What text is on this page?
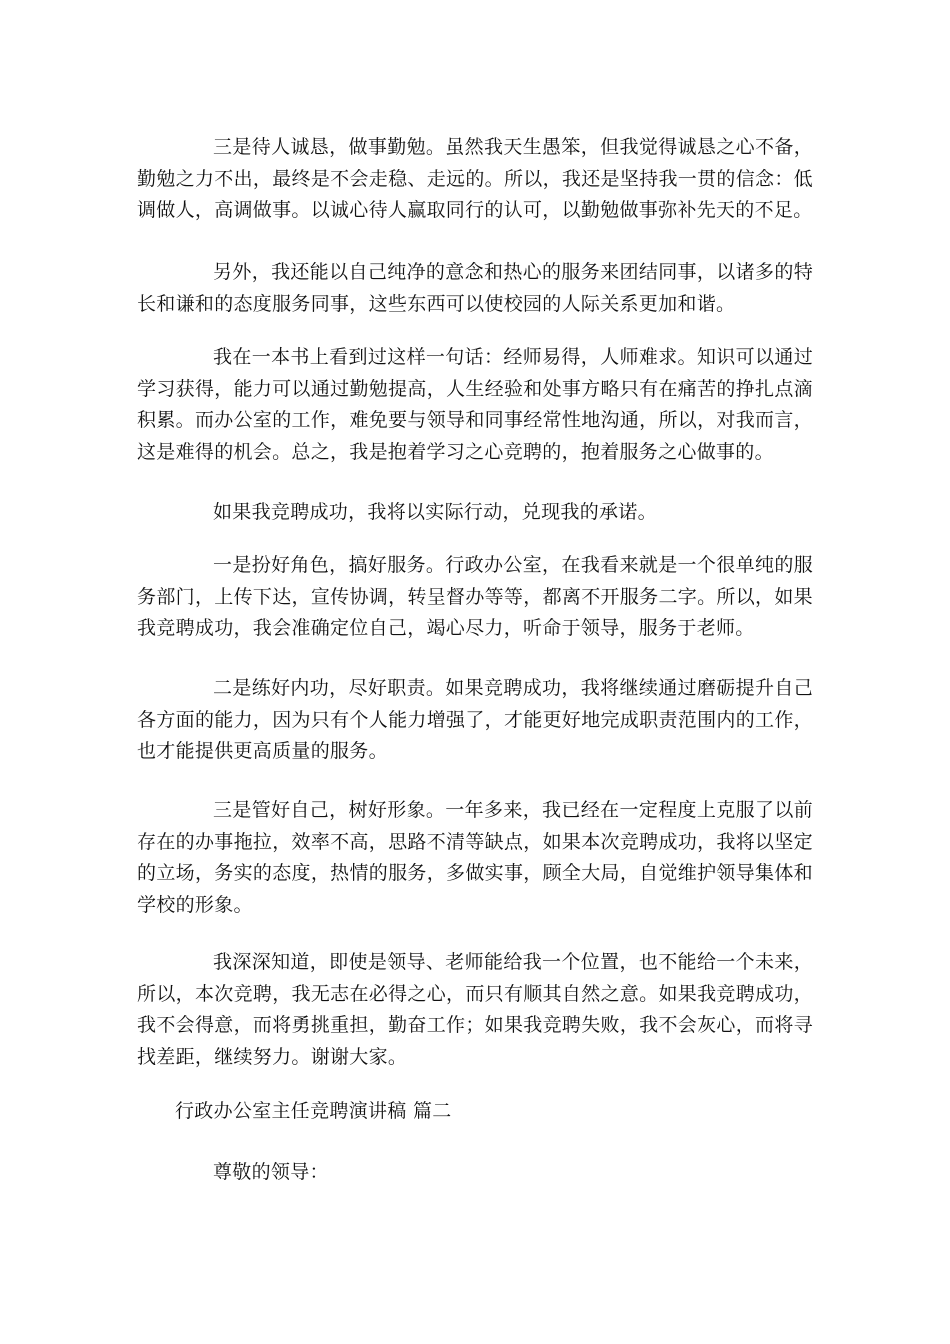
三是待人诚恳，做事勤勉。虽然我天生愚笨，但我觉得诚恳之心不备，勤勉之力不出，最终是不会走稳、走远的。所以，我还是坚持我一贯的信念：低调做人，高调做事。以诚心待人赢取同行的认可，以勤勉做事弥补先天的不足。

另外，我还能以自己纯净的意念和热心的服务来团结同事，以诸多的特长和谦和的态度服务同事，这些东西可以使校园的人际关系更加和谐。

我在一本书上看到过这样一句话：经师易得，人师难求。知识可以通过学习获得，能力可以通过勤勉提高，人生经验和处事方略只有在痛苦的挣扎点滴积累。而办公室的工作，难免要与领导和同事经常性地沟通，所以，对我而言，这是难得的机会。总之，我是抱着学习之心竞聘的，抱着服务之心做事的。

如果我竞聘成功，我将以实际行动，兑现我的承诺。

一是扮好角色，搞好服务。行政办公室，在我看来就是一个很单纯的服务部门，上传下达，宣传协调，转呈督办等等，都离不开服务二字。所以，如果我竞聘成功，我会准确定位自己，竭心尽力，听命于领导，服务于老师。

二是练好内功，尽好职责。如果竞聘成功，我将继续通过磨砺提升自己各方面的能力，因为只有个人能力增强了，才能更好地完成职责范围内的工作，也才能提供更高质量的服务。

三是管好自己，树好形象。一年多来，我已经在一定程度上克服了以前存在的办事拖拉，效率不高，思路不清等缺点，如果本次竞聘成功，我将以坚定的立场，务实的态度，热情的服务，多做实事，顾全大局，自觉维护领导集体和学校的形象。

我深深知道，即使是领导、老师能给我一个位置，也不能给一个未来，所以，本次竞聘，我无志在必得之心，而只有顺其自然之意。如果我竞聘成功，我不会得意，而将勇挑重担，勤奋工作；如果我竞聘失败，我不会灰心，而将寻找差距，继续努力。谢谢大家。

行政办公室主任竞聘演讲稿 篇二

尊敬的领导：
